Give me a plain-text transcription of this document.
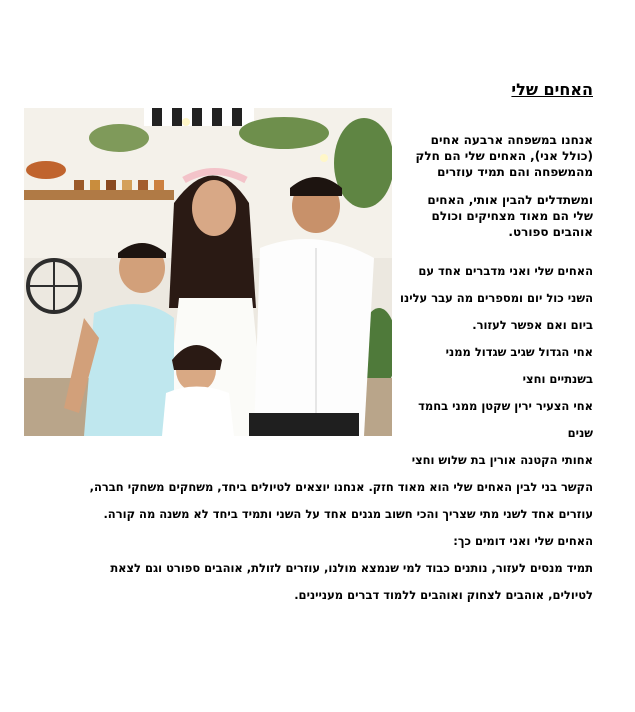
האחים שלי

אנחנו במשפחה ארבעה אחים (כולל אני), האחים שלי הם חלק מהמשפחה והם תמיד עוזרים

ומשתדלים להבין אותי, האחים שלי הם מאוד מצחיקים וכולם אוהבים ספורט.

האחים שלי ואני מדברים אחד עם
השני כול יום ומספרים מה עבר עלינו
ביום ואם אפשר לעזור.
אחי הגדול שגיב שגדול ממני
בשנתיים וחצי
אחי הצעיר ירין שקטן ממני בחמד
שנים
אחותי הקטנה אורין בת שלוש וחצי
הקשר בני לבין האחים שלי הוא מאוד חזק. אנחנו יוצאים לטיולים ביחד, משחקים משחקי חברה,
עוזרים אחד לשני מתי שצריך והכי חשוב מגנים אחד על השני ותמיד ביחד לא משנה מה קורה.
האחים שלי ואני דומים כך:
תמיד מנסים לעזור, נותנים כבוד למי שנמצא מולנו, עוזרים לזולת, אוהבים ספורט וגם לצאת
לטיולים, אוהבים לצחוק ואוהבים ללמוד דברים מעניינים.
